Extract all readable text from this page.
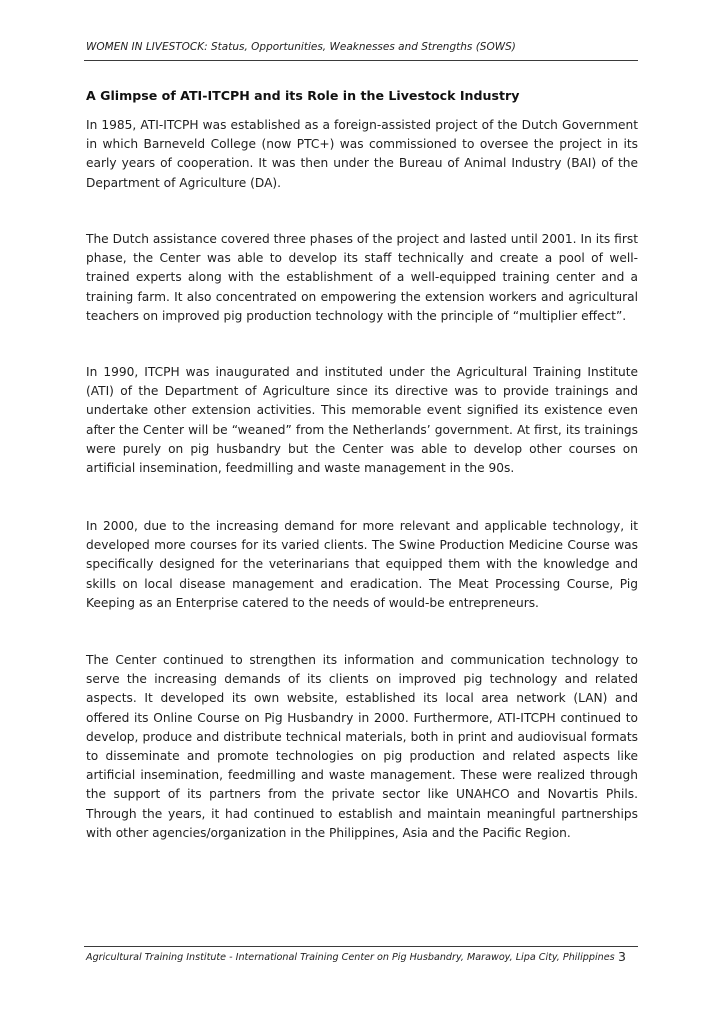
WOMEN IN LIVESTOCK: Status, Opportunities, Weaknesses and Strengths (SOWS)
A Glimpse of ATI-ITCPH and its Role in the Livestock Industry

In 1985, ATI-ITCPH was established as a foreign-assisted project of the Dutch Government in which Barneveld College (now PTC+) was commissioned to oversee the project in its early years of cooperation. It was then under the Bureau of Animal Industry (BAI) of the Department of Agriculture (DA).

The Dutch assistance covered three phases of the project and lasted until 2001. In its first phase, the Center was able to develop its staff technically and create a pool of well-trained experts along with the establishment of a well-equipped training center and a training farm. It also concentrated on empowering the extension workers and agricultural teachers on improved pig production technology with the principle of “multiplier effect”.

In 1990, ITCPH was inaugurated and instituted under the Agricultural Training Institute (ATI) of the Department of Agriculture since its directive was to provide trainings and undertake other extension activities. This memorable event signified its existence even after the Center will be “weaned” from the Netherlands’ government. At first, its trainings were purely on pig husbandry but the Center was able to develop other courses on artificial insemination, feedmilling and waste management in the 90s.

In 2000, due to the increasing demand for more relevant and applicable technology, it developed more courses for its varied clients. The Swine Production Medicine Course was specifically designed for the veterinarians that equipped them with the knowledge and skills on local disease management and eradication. The Meat Processing Course, Pig Keeping as an Enterprise catered to the needs of would-be entrepreneurs.

The Center continued to strengthen its information and communication technology to serve the increasing demands of its clients on improved pig technology and related aspects. It developed its own website, established its local area network (LAN) and offered its Online Course on Pig Husbandry in 2000. Furthermore, ATI-ITCPH continued to develop, produce and distribute technical materials, both in print and audiovisual formats to disseminate and promote technologies on pig production and related aspects like artificial insemination, feedmilling and waste management. These were realized through the support of its partners from the private sector like UNAHCO and Novartis Phils. Through the years, it had continued to establish and maintain meaningful partnerships with other agencies/organization in the Philippines, Asia and the Pacific Region.

Agricultural Training Institute - International Training Center on Pig Husbandry, Marawoy, Lipa City, Philippines 3
